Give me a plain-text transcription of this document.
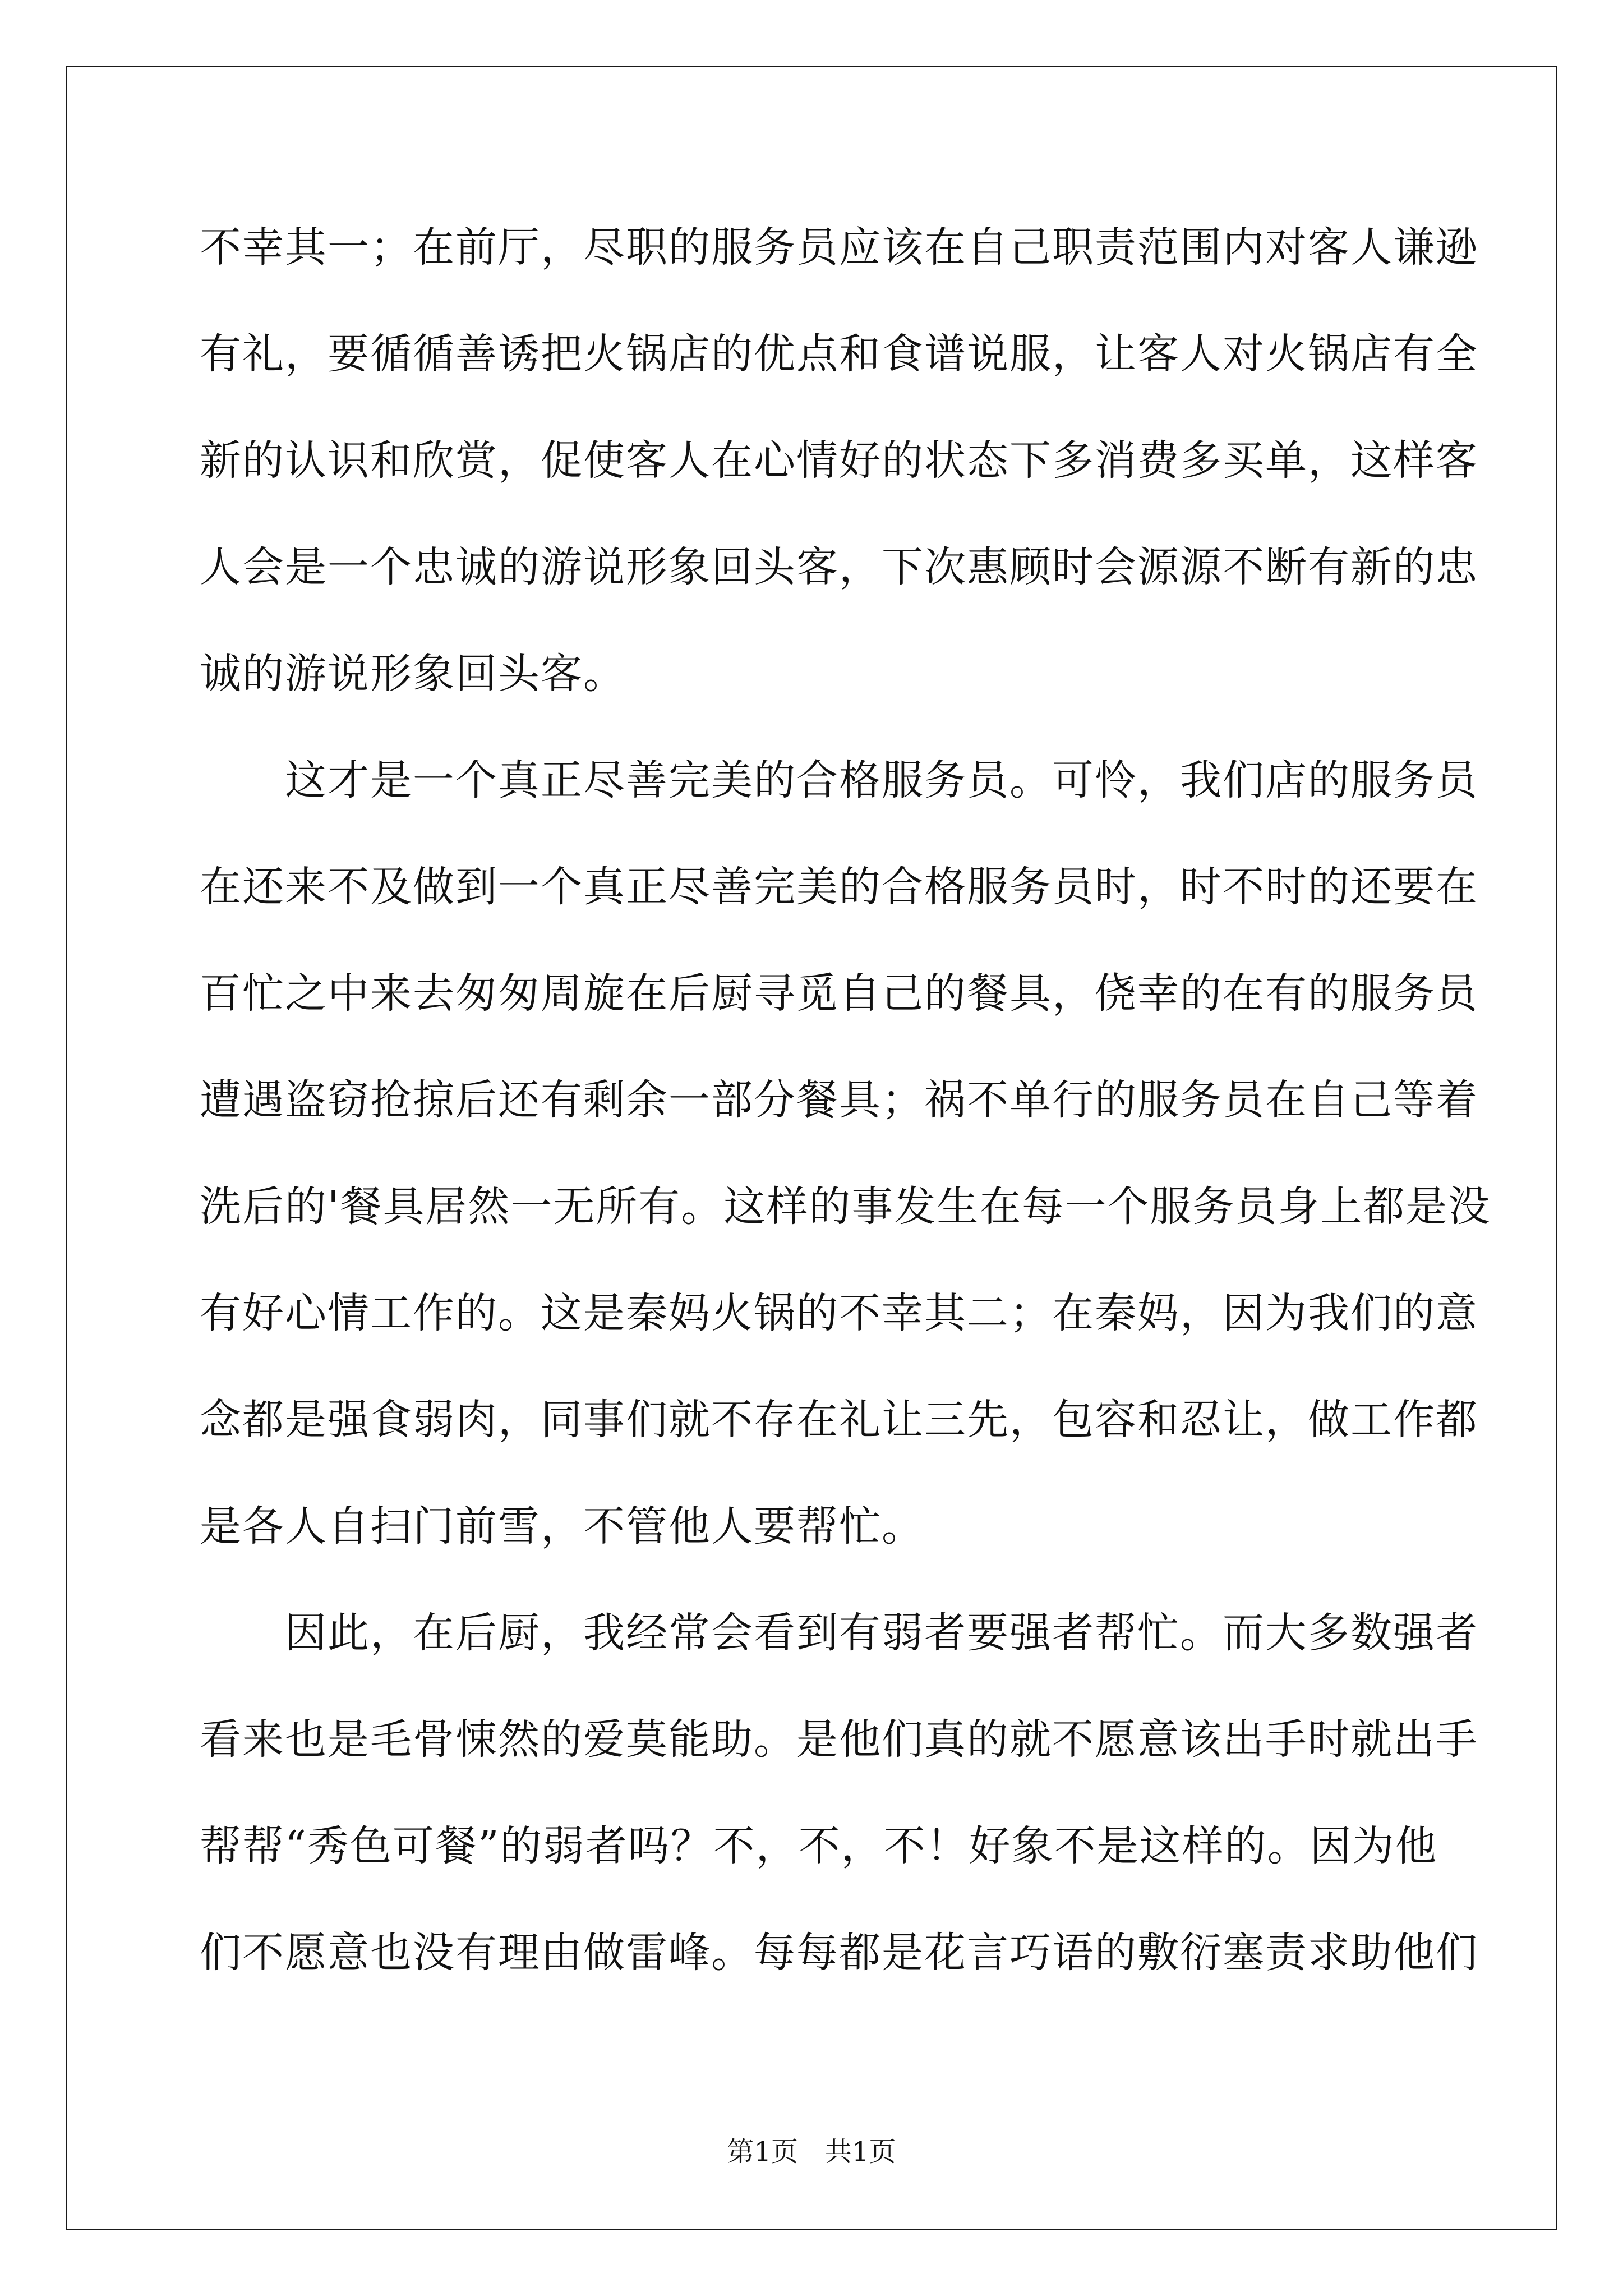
不幸其一；在前厅，尽职的服务员应该在自己职责范围内对客人谦逊
有礼，要循循善诱把火锅店的优点和食谱说服，让客人对火锅店有全
新的认识和欣赏，促使客人在心情好的状态下多消费多买单，这样客
人会是一个忠诚的游说形象回头客，下次惠顾时会源源不断有新的忠
诚的游说形象回头客。
　　这才是一个真正尽善完美的合格服务员。可怜，我们店的服务员
在还来不及做到一个真正尽善完美的合格服务员时，时不时的还要在
百忙之中来去匆匆周旋在后厨寻觅自己的餐具，侥幸的在有的服务员
遭遇盗窃抢掠后还有剩余一部分餐具；祸不单行的服务员在自己等着
洗后的'餐具居然一无所有。这样的事发生在每一个服务员身上都是没
有好心情工作的。这是秦妈火锅的不幸其二；在秦妈，因为我们的意
念都是强食弱肉，同事们就不存在礼让三先，包容和忍让，做工作都
是各人自扫门前雪，不管他人要帮忙。
　　因此，在后厨，我经常会看到有弱者要强者帮忙。而大多数强者
看来也是毛骨悚然的爱莫能助。是他们真的就不愿意该出手时就出手
帮帮“秀色可餐”的弱者吗？不，不，不！好象不是这样的。因为他
们不愿意也没有理由做雷峰。每每都是花言巧语的敷衍塞责求助他们
第1页　共1页
